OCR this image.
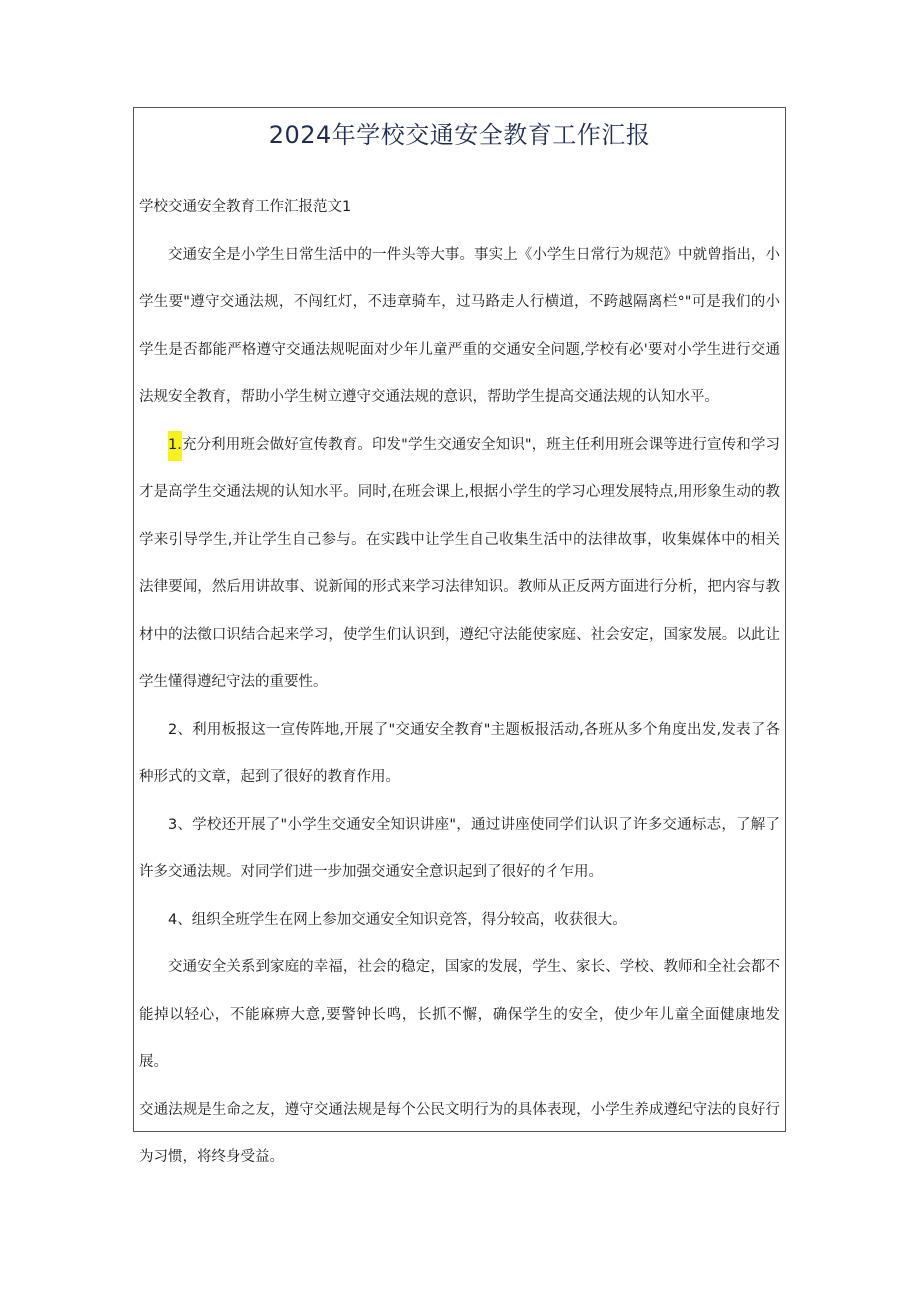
2024年学校交通安全教育工作汇报

学校交通安全教育工作汇报范文1

交通安全是小学生日常生活中的一件头等大事。事实上《小学生日常行为规范》中就曾指出，小学生要"遵守交通法规，不闯红灯，不违章骑车，过马路走人行横道，不跨越隔离栏°"可是我们的小学生是否都能严格遵守交通法规呢面对少年儿童严重的交通安全问题,学校有必'要对小学生进行交通法规安全教育，帮助小学生树立遵守交通法规的意识，帮助学生提高交通法规的认知水平。

1.充分利用班会做好宣传教育。印发"学生交通安全知识"，班主任利用班会课等进行宣传和学习才是高学生交通法规的认知水平。同时,在班会课上,根据小学生的学习心理发展特点,用形象生动的教学来引导学生,并让学生自己参与。在实践中让学生自己收集生活中的法律故事，收集媒体中的相关法律要闻，然后用讲故事、说新闻的形式来学习法律知识。教师从正反两方面进行分析，把内容与教材中的法徵口识结合起来学习，使学生们认识到，遵纪守法能使家庭、社会安定，国家发展。以此让学生懂得遵纪守法的重要性。

2、利用板报这一宣传阵地,开展了"交通安全教育"主题板报活动,各班从多个角度出发,发表了各种形式的文章，起到了很好的教育作用。

3、学校还开展了"小学生交通安全知识讲座"，通过讲座使同学们认识了许多交通标志，了解了许多交通法规。对同学们进一步加强交通安全意识起到了很好的彳乍用。

4、组织全班学生在网上参加交通安全知识竞答，得分较高，收获很大。

交通安全关系到家庭的幸福，社会的稳定，国家的发展，学生、家长、学校、教师和全社会都不能掉以轻心，不能麻痹大意,要警钟长鸣，长抓不懈，确保学生的安全，使少年儿童全面健康地发展。

交通法规是生命之友，遵守交通法规是每个公民文明行为的具体表现，小学生养成遵纪守法的良好行为习惯，将终身受益。
